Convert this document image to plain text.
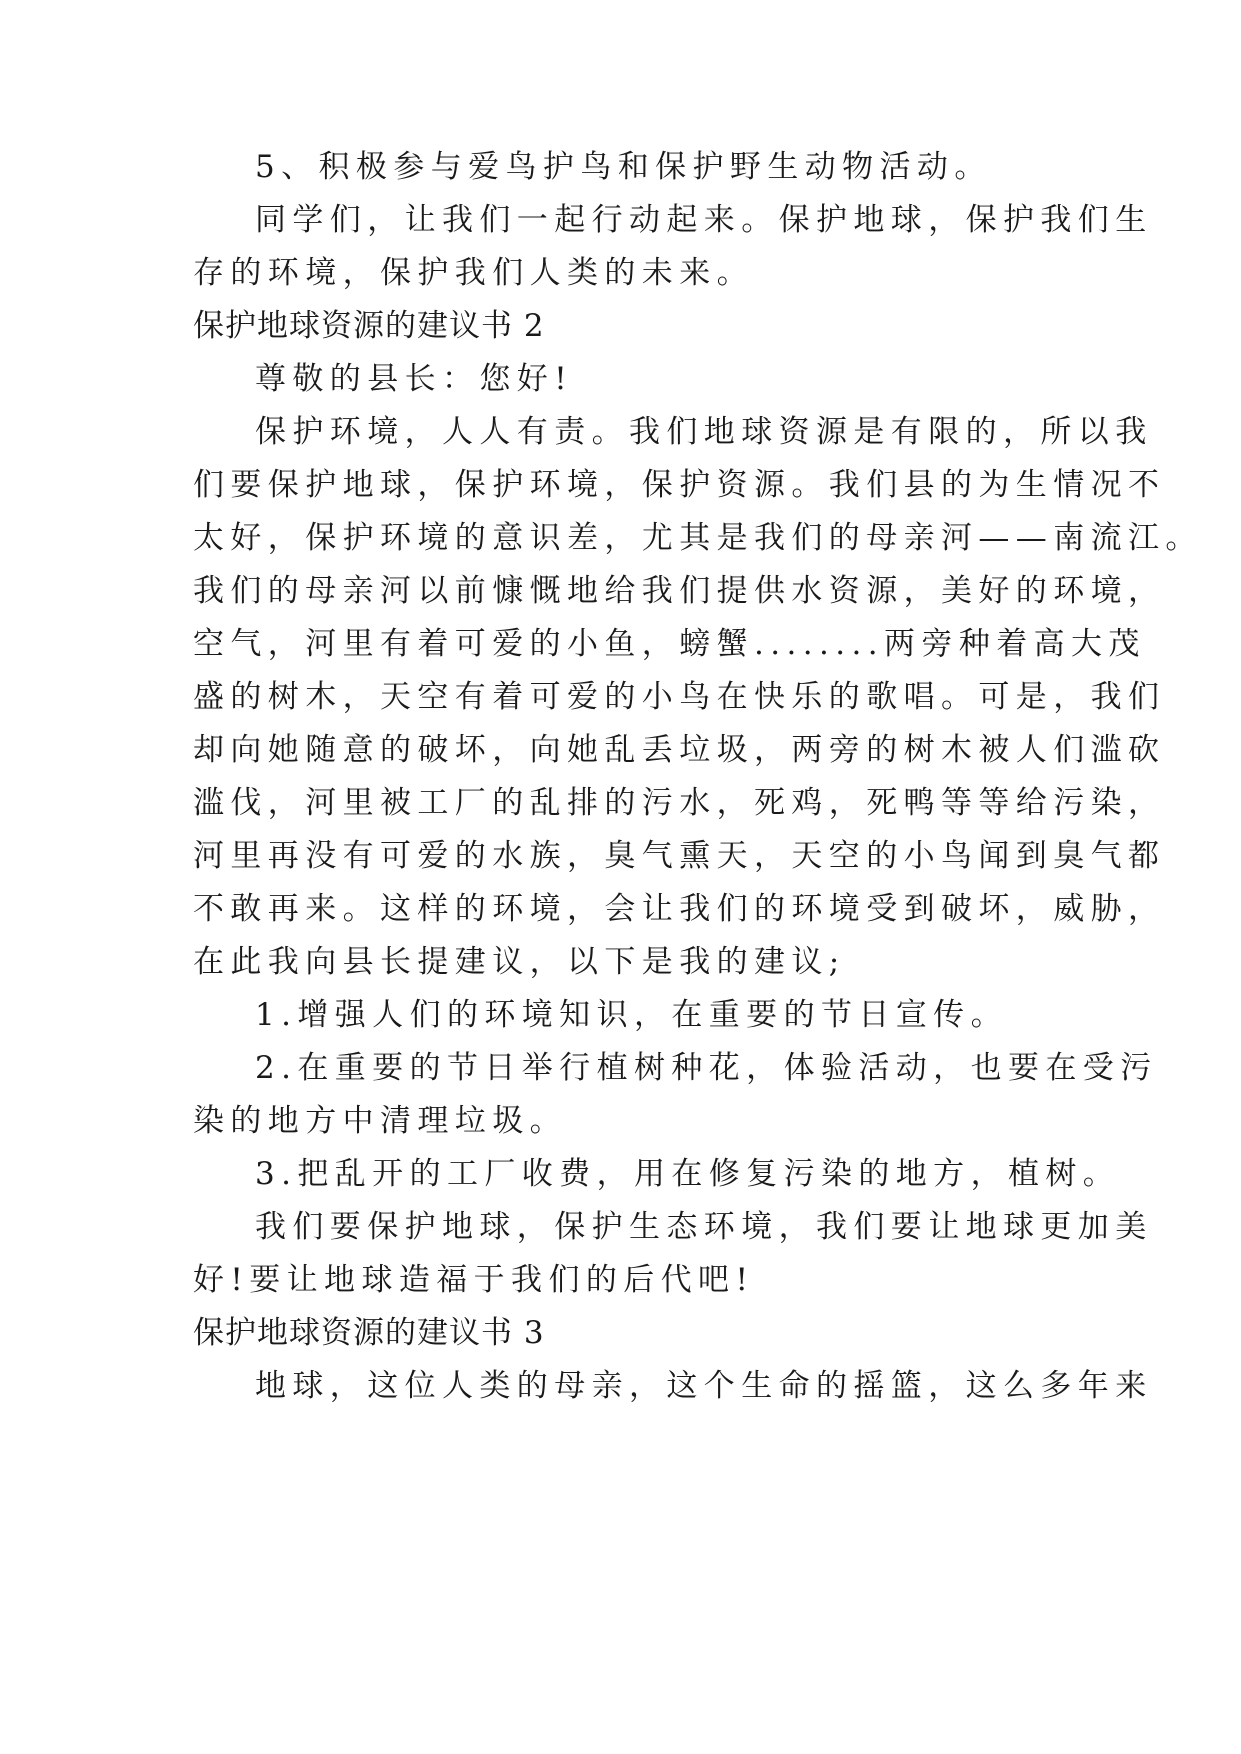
5、积极参与爱鸟护鸟和保护野生动物活动。
同学们，让我们一起行动起来。保护地球，保护我们生
存的环境，保护我们人类的未来。
保护地球资源的建议书 2
尊敬的县长：您好!
保护环境，人人有责。我们地球资源是有限的，所以我
们要保护地球，保护环境，保护资源。我们县的为生情况不
太好，保护环境的意识差，尤其是我们的母亲河——南流江。
我们的母亲河以前慷慨地给我们提供水资源，美好的环境，
空气，河里有着可爱的小鱼，螃蟹........两旁种着高大茂
盛的树木，天空有着可爱的小鸟在快乐的歌唱。可是，我们
却向她随意的破坏，向她乱丢垃圾，两旁的树木被人们滥砍
滥伐，河里被工厂的乱排的污水，死鸡，死鸭等等给污染，
河里再没有可爱的水族，臭气熏天，天空的小鸟闻到臭气都
不敢再来。这样的环境，会让我们的环境受到破坏，威胁，
在此我向县长提建议，以下是我的建议;
1.增强人们的环境知识，在重要的节日宣传。
2.在重要的节日举行植树种花，体验活动，也要在受污
染的地方中清理垃圾。
3.把乱开的工厂收费，用在修复污染的地方，植树。
我们要保护地球，保护生态环境，我们要让地球更加美
好!要让地球造福于我们的后代吧!
保护地球资源的建议书 3
地球，这位人类的母亲，这个生命的摇篮，这么多年来
